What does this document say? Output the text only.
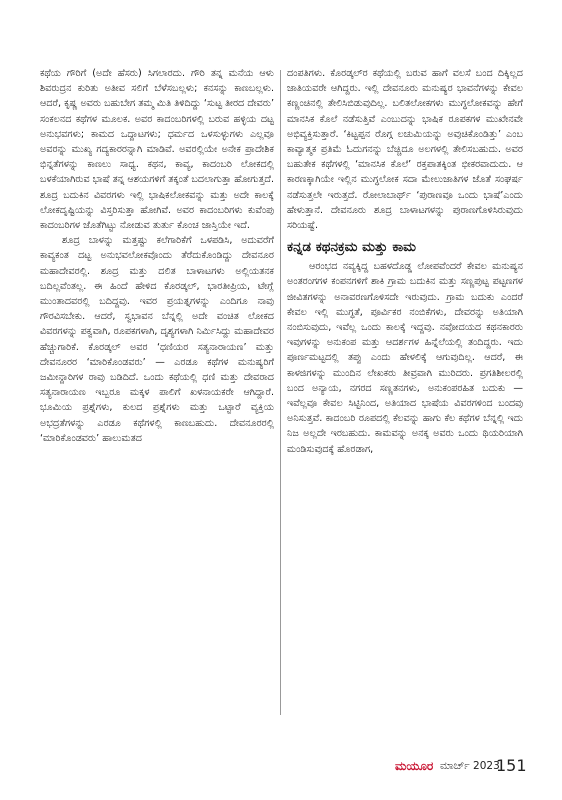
ಕಥೆಯ ಗೌರಿಗೆ (ಅದೇ ಹೆಸರು) ಸಿಗಲಾರದು. ಗೌರಿ ತನ್ನ ಮನೆಯ ಆಳು ಶಿವರುದ್ರನ ಕುರಿತು ಅತೀವ ಸಲಿಗೆ ಬೆಳೆಸಬಲ್ಲಳು; ಕನಸನ್ನು ಕಾಣಬಲ್ಲಳು. ಆದರೆ, ಕೃಷ್ಣ ಅವರು ಬಹುಬೇಗ ತಮ್ಮ ಮಿತಿ ತಿಳಿದಿದ್ದು ‘ಸುಟ್ಟ ತೀರದ ದೇವರು’ ಸಂಕಲನದ ಕಥೆಗಳ ಮೂಲಕ. ಅವರ ಕಾದಂಬರಿಗಳಲ್ಲಿ ಬರುವ ಹಳ್ಳಿಯ ದಟ್ಟ ಅನುಭವಗಳು; ಕಾಮದ ಒದ್ದಾಟಗಳು; ಧರ್ಮದ ಒಳಸುಳ್ಳುಗಳು ಎಲ್ಲವೂ ಅವರನ್ನು ಮುಖ್ಯ ಗದ್ಯಕಾರರನ್ನಾಗಿ ಮಾಡಿವೆ. ಅವರಲ್ಲಿಯೇ ಅನೇಕ ಪ್ರಾದೇಶಿಕ ಭಿನ್ನತೆಗಳನ್ನು ಕಾಣಲು ಸಾಧ್ಯ. ಕಥನ, ಕಾವ್ಯ, ಕಾದಂಬರಿ ಲೋಕದಲ್ಲಿ ಬಳಕೆಯಾಗಿರುವ ಭಾಷೆ ತನ್ನ ಆಶಯಗಳಿಗೆ ತಕ್ಕಂತೆ ಬದಲಾಗುತ್ತಾ ಹೋಗುತ್ತದೆ. ಶೂದ್ರ ಬದುಕಿನ ವಿವರಗಳು ಇಲ್ಲಿ ಭಾಷಿಕಲೋಕವನ್ನು ಮತ್ತು ಅದೇ ಕಾಲಕ್ಕೆ ಲೋಕದೃಷ್ಟಿಯನ್ನು ವಿಸ್ತರಿಸುತ್ತಾ ಹೋಗಿವೆ. ಅವರ ಕಾದಂಬರಿಗಳು ಕುವೆಂಪು ಕಾದಂಬರಿಗಳ ಜೊತೆಗಿಟ್ಟು ನೋಡುವ ತುರ್ತು ಕೊಂಚ ಜಾಸ್ತಿಯೇ ಇದೆ.

ಶೂದ್ರ ಬಾಳನ್ನು ಮತ್ತಷ್ಟು ಕಲೆಗಾರಿಕೆಗೆ ಒಳಪಡಿಸಿ, ಅದುವರೆಗೆ ಕಾವ್ಯಕಂತ ದಟ್ಟ ಅನುಭವಲೋಕವೊಂದು ತೆರೆದುಕೊಂಡಿದ್ದು ದೇವನೂರ ಮಹಾದೇವರಲ್ಲಿ. ಶೂದ್ರ ಮತ್ತು ದಲಿತ ಬಾಳಾಟಗಳು ಅಲ್ಲಿಯತನಕ ಬದಿಲ್ಲವೆಂತಲ್ಲ. ಈ ಹಿಂದೆ ಹೇಳಿದ ಕೊರಡ್ಕಲ್, ಭಾರತೀಪ್ರಿಯ, ಟೇಗ್ಲೆ ಮುಂತಾದವರಲ್ಲಿ ಬದಿದ್ದವು. ಇವರ ಪ್ರಯತ್ನಗಳನ್ನು ಎಂದಿಗೂ ನಾವು ಗೌರವಿಸಬೇಕು. ಆದರೆ, ಸ್ವಭಾವನ ಬೆನ್ನಲ್ಲಿ ಅದೇ ವಂಚಿತ ಲೋಕದ ವಿವರಗಳನ್ನು ಪಕ್ವವಾಗಿ, ರೂಪಕಗಳಾಗಿ, ದೃಶ್ಯಗಳಾಗಿ ನಿರ್ಮಿಸಿದ್ದು ಮಹಾದೇವರ ಹೆಚ್ಚುಗಾರಿಕೆ. ಕೊರಡ್ಕಲ್ ಅವರ ‘ಧಣಿಯರ ಸತ್ಯನಾರಾಯಣ’ ಮತ್ತು ದೇವನೂರರ ‘ಮಾರಿಕೊಂಡವರು’ — ಎರಡೂ ಕಥೆಗಳ ಮನುಷ್ಯರಿಗೆ ಜಮೀನ್ದಾರಿಗಳ ರಾವು ಬಡಿದಿದೆ. ಒಂದು ಕಥೆಯಲ್ಲಿ ಧಣಿ ಮತ್ತು ದೇವರಾದ ಸತ್ಯನಾರಾಯಣ ಇಬ್ಬರೂ ಮಕ್ಕಳ ಪಾಲಿಗೆ ಖಳನಾಯಕರೇ ಆಗಿದ್ದಾರೆ. ಭೂಮಿಯ ಪ್ರಶ್ನೆಗಳು, ಕುಲದ ಪ್ರಶ್ನೆಗಳು ಮತ್ತು ಒಟ್ಟಾರೆ ವ್ಯಕ್ತಿಯ ಅಭದ್ರತೆಗಳನ್ನು ಎರಡೂ ಕಥೆಗಳಲ್ಲಿ ಕಾಣಬಹುದು. ದೇವನೂರರಲ್ಲಿ ‘ಮಾರಿಕೊಂಡವರು’ ಹಾಲುಮತದ

ದಂಪತಿಗಳು. ಕೊರಡ್ಕಲ್‌ರ ಕಥೆಯಲ್ಲಿ ಬರುವ ಹಾಗೆ ವಲಸೆ ಬಂದ ದಿಕ್ಕಿಲ್ಲದ ಜಾತಿಯವರೇ ಆಗಿದ್ದರು. ಇಲ್ಲಿ ದೇವನೂರು ಮನುಷ್ಯರ ಭಾವನೆಗಳನ್ನು ಕೇವಲ ಕಣ್ಣಂಚಿನಲ್ಲಿ ತೇಲಿಸಿಬಿಡುವುದಿಲ್ಲ. ಬಲಿತಲೋಕಗಳು ಮುಗ್ಧಲೋಕವನ್ನು ಹೇಗೆ ಮಾನಸಿಕ ಕೊಲೆ ನಡೆಸುತ್ತಿವೆ ಎಂಬುದನ್ನು ಭಾಷಿಕ ರೂಪಕಗಳ ಮುಖೇನವೇ ಅಭಿವ್ಯಕ್ತಿಸುತ್ತಾರೆ. ‘ಕಿಟ್ಟಪ್ಪನ ರೊಗ್ಗ ಲಚುಮಿಯನ್ನು ಅವುಚಿಕೊಂಡಿತ್ತು’ ಎಂಬ ಕಾವ್ಯಾತ್ಮಕ ಪ್ರತಿಮೆ ಓದುಗನನ್ನು ಬೆಚ್ಚಿದೂ ಅಲಗಳಲ್ಲಿ ತೇಲಿಸಬಹುದು. ಅವರ ಬಹುತೇಕ ಕಥೆಗಳಲ್ಲಿ ‘ಮಾನಸಿಕ ಕೊಲೆ’ ರಕ್ತಪಾತಕ್ಕಿಂತ ಭೀಕರವಾದುದು. ಆ ಕಾರಣಕ್ಕಾಗಿಯೇ ಇಲ್ಲಿನ ಮುಗ್ಧಲೋಕ ಸದಾ ಮೇಲುಜಾತಿಗಳ ಜೊತೆ ಸಂಘರ್ಷ ನಡೆಸುತ್ತಲೇ ಇರುತ್ತದೆ. ರೋಲಾಬಾರ್ಥ್ ‘ಪುರಾಣವೂ ಒಂದು ಭಾಷೆ’ಎಂದು ಹೇಳುತ್ತಾನೆ. ದೇವನೂರು ಶೂದ್ರ ಬಾಳಾಟಗಳನ್ನು ಪುರಾಣಗೊಳಿಸಿರುವುದು ಸರಿಯಷ್ಟೆ.

ಕನ್ನಡ ಕಥನಕ್ರಮ ಮತ್ತು ಕಾಮ

ಆರಂಭದ ನವ್ಯಕ್ಕಿದ್ದ ಬಹಳದೊಡ್ಡ ಲೋಪವೆಂದರೆ ಕೇವಲ ಮನುಷ್ಯನ ಅಂತರಂಗಗಳ ಕಂಪನಗಳಿಗೆ ಶಾಕಿ ಗ್ರಾಮ ಬದುಕಿನ ಮತ್ತು ಸಣ್ಣಪುಟ್ಟ ಪಟ್ಟಣಗಳ ಜೀವಿತಗಳನ್ನು ಅನಾವರಣಗೊಳಿಸದೇ ಇರುವುದು. ಗ್ರಾಮ ಬದುಕು ಎಂದರೆ ಕೇವಲ ಇಲ್ಲಿ ಮುಗ್ಧತೆ, ಪೂರ್ವಿಕರ ನಂಬಿಕೆಗಳು, ದೇವರನ್ನು ಅತಿಯಾಗಿ ನಂಬಿಸುವುದು, ಇವೆಲ್ಲ ಒಂದು ಕಾಲಕ್ಕೆ ಇದ್ದವು. ನವೋದಯದ ಕಥನಕಾರರು ಇವುಗಳನ್ನು ಅನುಕಂಪ ಮತ್ತು ಆದರ್ಶಗಳ ಹಿನ್ನೆಲೆಯಲ್ಲಿ ತಂದಿದ್ದರು. ಇದು ಪೂರ್ಣಮಟ್ಟದಲ್ಲಿ ತಪ್ಪು ಎಂದು ಹೇಳಲಿಕ್ಕೆ ಆಗುವುದಿಲ್ಲ. ಆದರೆ, ಈ ಕಾಳಜಿಗಳನ್ನು ಮುಂದಿನ ಲೇಖಕರು ತೀವ್ರವಾಗಿ ಮುರಿದರು. ಪ್ರಗತಿಶೀಲರಲ್ಲಿ ಬಂದ ಅನ್ಯಾಯ, ನಗರದ ಸಣ್ಣತನಗಳು, ಅನುಕಂಪರಹಿತ ಬದುಕು — ಇವೆಲ್ಲವೂ ಕೇವಲ ಸಿಟ್ಟಿನಿಂದ, ಅತಿಯಾದ ಭಾಷೆಯ ವಿವರಗಳಿಂದ ಬಂದವು ಅನಿಸುತ್ತವೆ. ಕಾದಂಬರಿ ರೂಪದಲ್ಲಿ ಕೆಲವನ್ನು ಹಾಗು ಕೆಲ ಕಥೆಗಳ ಬೆನ್ನಲ್ಲಿ ಇದು ನಿಜ ಅಲ್ಲದೇ ಇರಬಹುದು. ಕಾಮವನ್ನು ಅನಕ್ಕ ಅವರು ಒಂದು ಥಿಯರಿಯಾಗಿ ಮಂಡಿಸುವುದಕ್ಕೆ ಹೊರಡಾಗ,

ಮಯೂರ ಮಾರ್ಚ್ 2023
151
